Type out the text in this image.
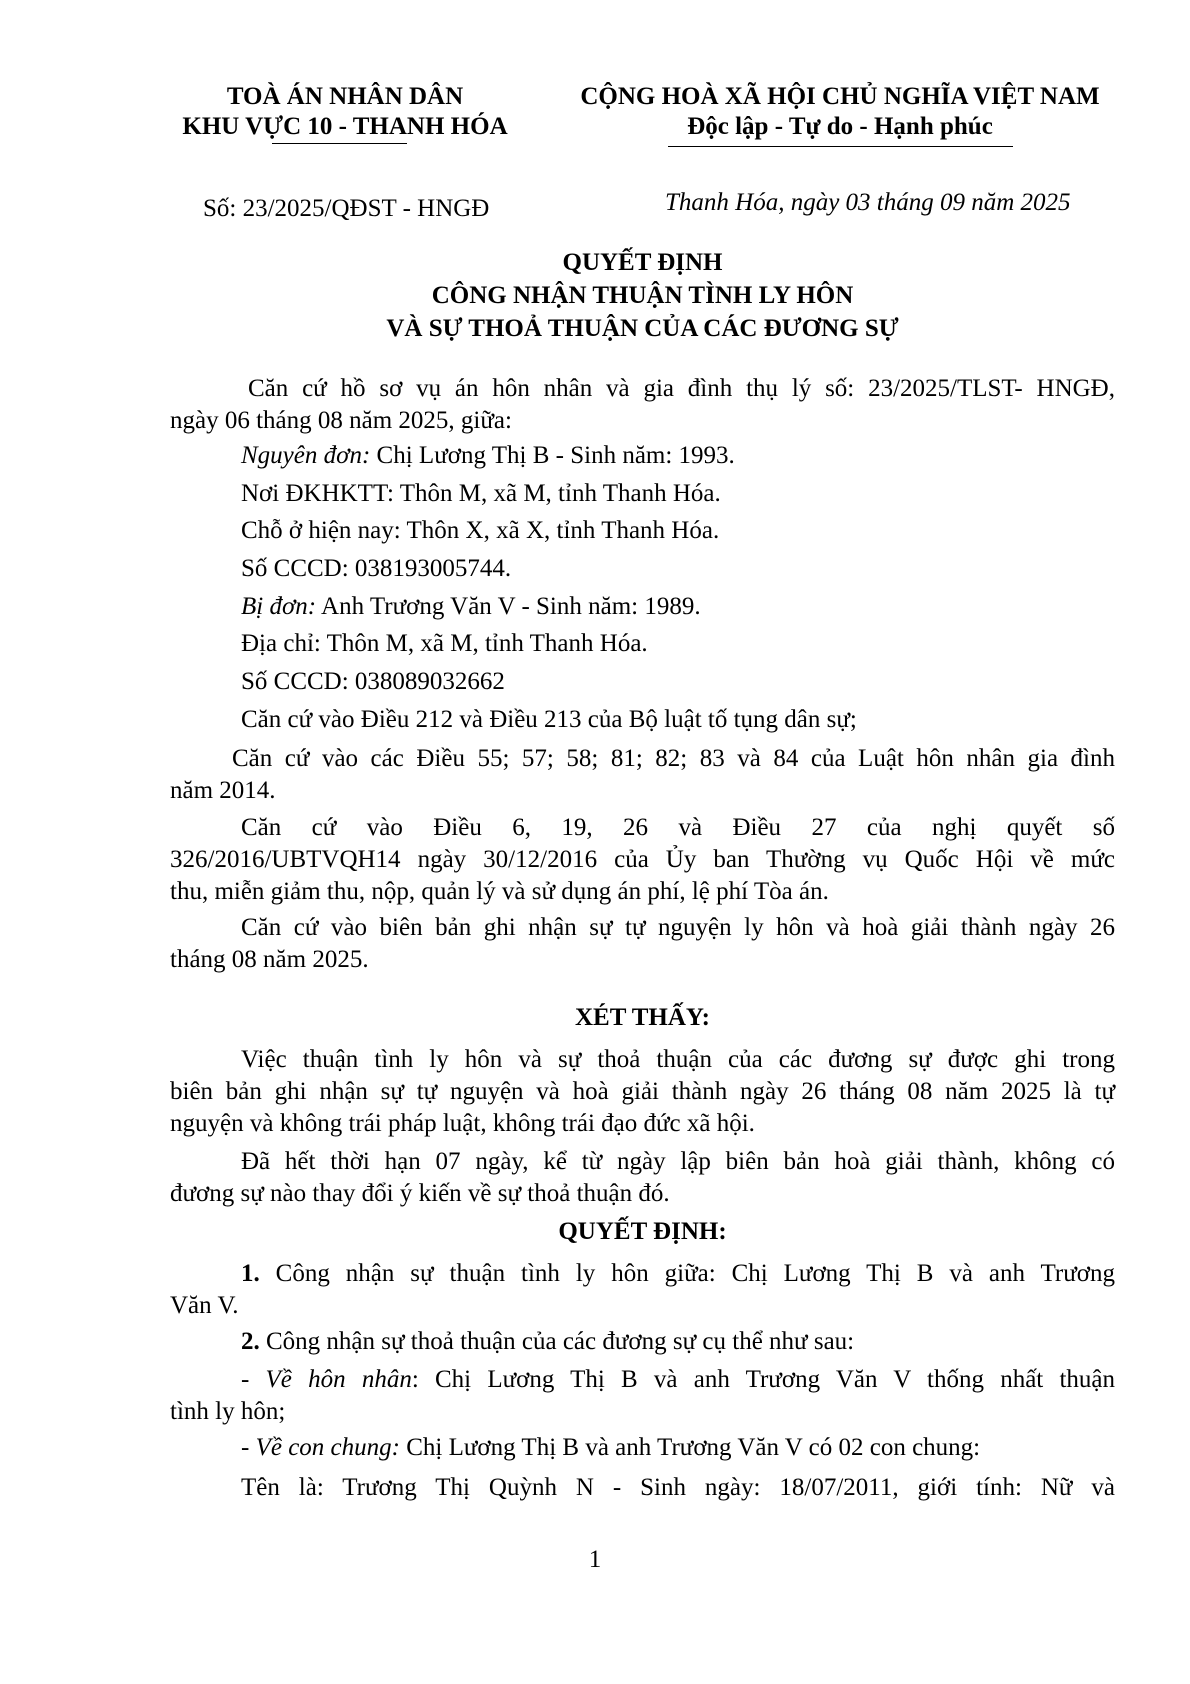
TOÀ ÁN NHÂN DÂN
KHU VỰC 10 - THANH HÓA
CỘNG HOÀ XÃ HỘI CHỦ NGHĨA VIỆT NAM
Độc lập - Tự do - Hạnh phúc
Số: 23/2025/QĐST - HNGĐ	Thanh Hóa, ngày 03 tháng 09 năm 2025
QUYẾT ĐỊNH
CÔNG NHẬN THUẬN TÌNH LY HÔN
VÀ SỰ THOẢ THUẬN CỦA CÁC ĐƯƠNG SỰ
Căn cứ hồ sơ vụ án hôn nhân và gia đình thụ lý số: 23/2025/TLST- HNGĐ,
ngày 06 tháng 08 năm 2025, giữa:
Nguyên đơn: Chị Lương Thị B - Sinh năm: 1993.
Nơi ĐKHKTT: Thôn M, xã M, tỉnh Thanh Hóa.
Chỗ ở hiện nay: Thôn X, xã X, tỉnh Thanh Hóa.
Số CCCD: 038193005744.
Bị đơn: Anh Trương Văn V - Sinh năm: 1989.
Địa chỉ: Thôn M, xã M, tỉnh Thanh Hóa.
Số CCCD: 038089032662
Căn cứ vào Điều 212 và Điều 213 của Bộ luật tố tụng dân sự;
Căn cứ vào các Điều 55; 57; 58; 81; 82; 83 và 84 của Luật hôn nhân gia đình
năm 2014.
Căn cứ vào Điều 6, 19, 26 và Điều 27 của nghị quyết số
326/2016/UBTVQH14 ngày 30/12/2016 của Ủy ban Thường vụ Quốc Hội về mức
thu, miễn giảm thu, nộp, quản lý và sử dụng án phí, lệ phí Tòa án.
Căn cứ vào biên bản ghi nhận sự tự nguyện ly hôn và hoà giải thành ngày 26
tháng 08 năm 2025.
XÉT THẤY:
Việc thuận tình ly hôn và sự thoả thuận của các đương sự được ghi trong
biên bản ghi nhận sự tự nguyện và hoà giải thành ngày 26 tháng 08 năm 2025 là tự
nguyện và không trái pháp luật, không trái đạo đức xã hội.
Đã hết thời hạn 07 ngày, kể từ ngày lập biên bản hoà giải thành, không có
đương sự nào thay đổi ý kiến về sự thoả thuận đó.
QUYẾT ĐỊNH:
1. Công nhận sự thuận tình ly hôn giữa: Chị Lương Thị B và anh Trương
Văn V.
2. Công nhận sự thoả thuận của các đương sự cụ thể như sau:
- Về hôn nhân: Chị Lương Thị B và anh Trương Văn V thống nhất thuận
tình ly hôn;
- Về con chung: Chị Lương Thị B và anh Trương Văn V có 02 con chung:
Tên là: Trương Thị Quỳnh N - Sinh ngày: 18/07/2011, giới tính: Nữ và
1
